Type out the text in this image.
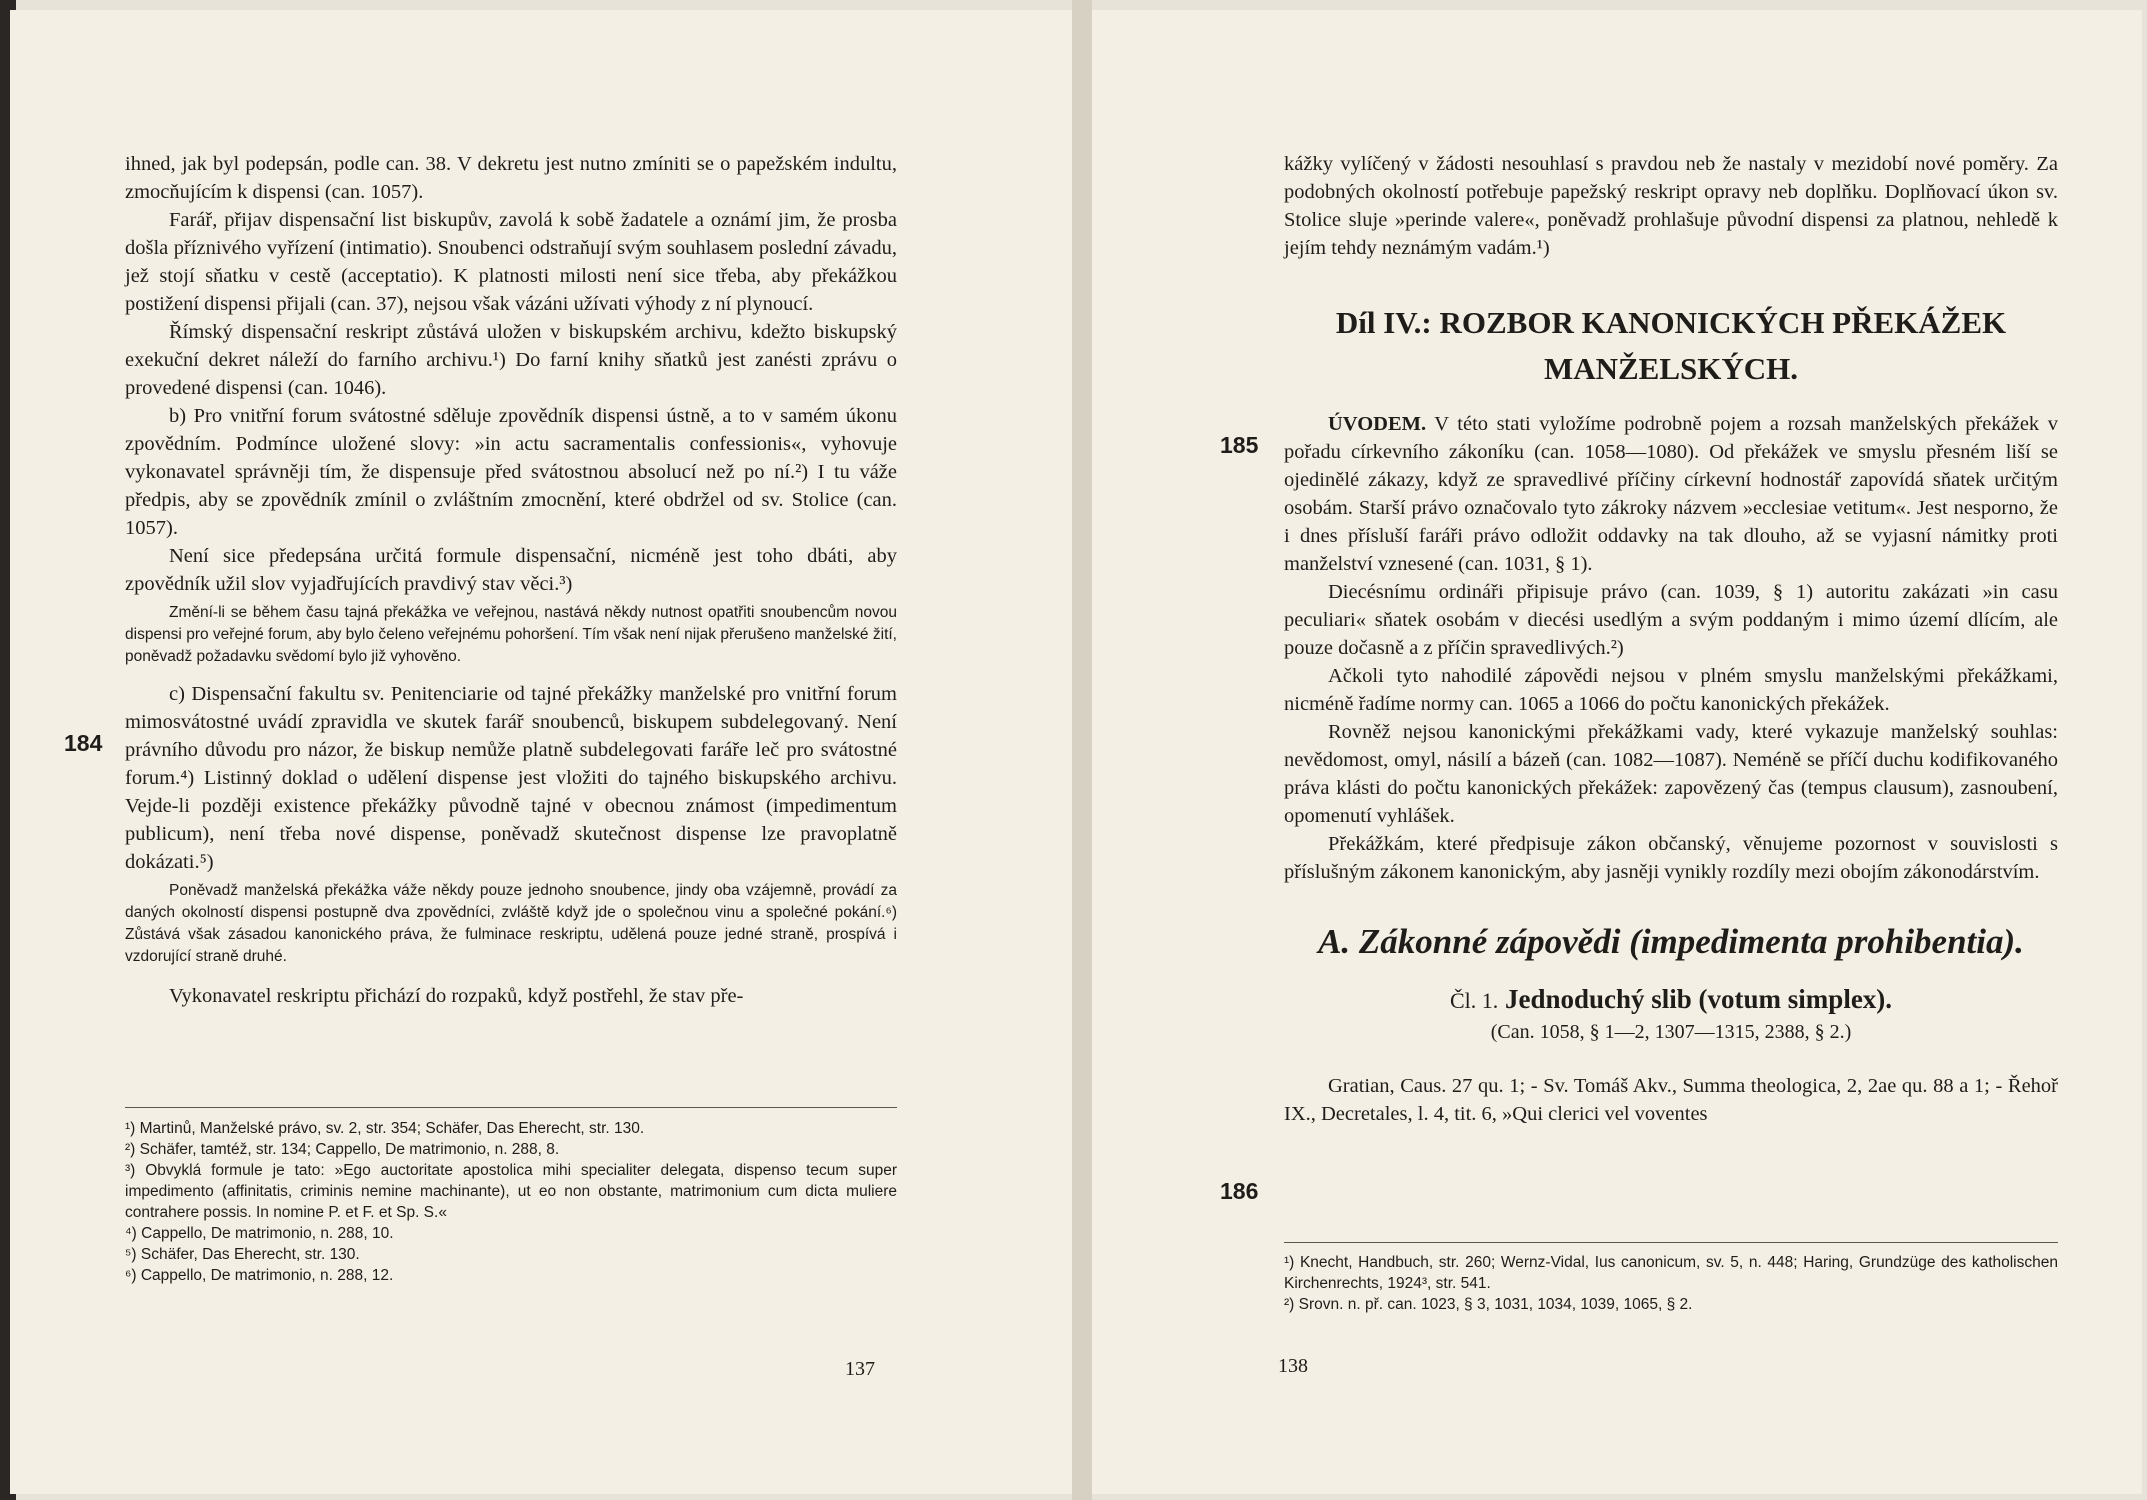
ihned, jak byl podepsán, podle can. 38. V dekretu jest nutno zmíniti se o papežském indultu, zmocňujícím k dispensi (can. 1057).

Farář, přijav dispensační list biskupův, zavolá k sobě žadatele a oznámí jim, že prosba došla příznivého vyřízení (intimatio). Snoubenci odstraňují svým souhlasem poslední závadu, jež stojí sňatku v cestě (acceptatio). K platnosti milosti není sice třeba, aby překážkou postižení dispensi přijali (can. 37), nejsou však vázáni užívati výhody z ní plynoucí.

Římský dispensační reskript zůstává uložen v biskupském archivu, kdežto biskupský exekuční dekret náleží do farního archivu.¹) Do farní knihy sňatků jest zanésti zprávu o provedené dispensi (can. 1046).

b) Pro vnitřní forum svátostné sděluje zpovědník dispensi ústně, a to v samém úkonu zpovědním. Podmínce uložené slovy: »in actu sacramentalis confessionis«, vyhovuje vykonavatel správněji tím, že dispensuje před svátostnou absolucí než po ní.²) I tu váže předpis, aby se zpovědník zmínil o zvláštním zmocnění, které obdržel od sv. Stolice (can. 1057).

Není sice předepsána určitá formule dispensační, nicméně jest toho dbáti, aby zpovědník užil slov vyjadřujících pravdivý stav věci.³)

Změní-li se během času tajná překážka ve veřejnou, nastává někdy nutnost opatřiti snoubencům novou dispensi pro veřejné forum, aby bylo čeleno veřejnému pohoršení. Tím však není nijak přerušeno manželské žití, poněvadž požadavku svědomí bylo již vyhověno.

c) Dispensační fakultu sv. Penitenciarie od tajné překážky manželské pro vnitřní forum mimosvátostné uvádí zpravidla ve skutek farář snoubenců, biskupem subdelegovaný. Není právního důvodu pro názor, že biskup nemůže platně subdelegovati faráře leč pro svátostné forum.⁴) Listinný doklad o udělení dispense jest vložiti do tajného biskupského archivu. Vejde-li později existence překážky původně tajné v obecnou známost (impedimentum publicum), není třeba nové dispense, poněvadž skutečnost dispense lze pravoplatně dokázati.⁵)

Poněvadž manželská překážka váže někdy pouze jednoho snoubence, jindy oba vzájemně, provádí za daných okolností dispensi postupně dva zpovědníci, zvláště když jde o společnou vinu a společné pokání.⁶) Zůstává však zásadou kanonického práva, že fulminace reskriptu, udělená pouze jedné straně, prospívá i vzdorující straně druhé.

Vykonavatel reskriptu přichází do rozpaků, když postřehl, že stav pře-

184
¹) Martinů, Manželské právo, sv. 2, str. 354; Schäfer, Das Eherecht, str. 130.
²) Schäfer, tamtéž, str. 134; Cappello, De matrimonio, n. 288, 8.
³) Obvyklá formule je tato: »Ego auctoritate apostolica mihi specialiter delegata, dispenso tecum super impedimento (affinitatis, criminis nemine machinante), ut eo non obstante, matrimonium cum dicta muliere contrahere possis. In nomine P. et F. et Sp. S.«
⁴) Cappello, De matrimonio, n. 288, 10.
⁵) Schäfer, Das Eherecht, str. 130.
⁶) Cappello, De matrimonio, n. 288, 12.
137

kážky vylíčený v žádosti nesouhlasí s pravdou neb že nastaly v mezidobí nové poměry. Za podobných okolností potřebuje papežský reskript opravy neb doplňku. Doplňovací úkon sv. Stolice sluje »perinde valere«, poněvadž prohlašuje původní dispensi za platnou, nehledě k jejím tehdy neznámým vadám.¹)

Díl IV.: ROZBOR KANONICKÝCH PŘEKÁŽEK
MANŽELSKÝCH.

ÚVODEM. V této stati vyložíme podrobně pojem a rozsah manželských překážek v pořadu církevního zákoníku (can. 1058—1080). Od překážek ve smyslu přesném liší se ojedinělé zákazy, když ze spravedlivé příčiny církevní hodnostář zapovídá sňatek určitým osobám. Starší právo označovalo tyto zákroky názvem »ecclesiae vetitum«. Jest nesporno, že i dnes přísluší faráři právo odložit oddavky na tak dlouho, až se vyjasní námitky proti manželství vznesené (can. 1031, § 1).

Diecésnímu ordináři připisuje právo (can. 1039, § 1) autoritu zakázati »in casu peculiari« sňatek osobám v diecési usedlým a svým poddaným i mimo území dlícím, ale pouze dočasně a z příčin spravedlivých.²)

Ačkoli tyto nahodilé zápovědi nejsou v plném smyslu manželskými překážkami, nicméně řadíme normy can. 1065 a 1066 do počtu kanonických překážek.

Rovněž nejsou kanonickými překážkami vady, které vykazuje manželský souhlas: nevědomost, omyl, násilí a bázeň (can. 1082—1087). Neméně se příčí duchu kodifikovaného práva klásti do počtu kanonických překážek: zapovězený čas (tempus clausum), zasnoubení, opomenutí vyhlášek.

Překážkám, které předpisuje zákon občanský, věnujeme pozornost v souvislosti s příslušným zákonem kanonickým, aby jasněji vynikly rozdíly mezi obojím zákonodárstvím.

A. Zákonné zápovědi (impedimenta prohibentia).
Čl. 1. Jednoduchý slib (votum simplex).
(Can. 1058, § 1—2, 1307—1315, 2388, § 2.)

Gratian, Caus. 27 qu. 1; - Sv. Tomáš Akv., Summa theologica, 2, 2ae qu. 88 a 1; - Řehoř IX., Decretales, l. 4, tit. 6, »Qui clerici vel voventes

185
186
¹) Knecht, Handbuch, str. 260; Wernz-Vidal, Ius canonicum, sv. 5, n. 448; Haring, Grundzüge des katholischen Kirchenrechts, 1924³, str. 541.
²) Srovn. n. př. can. 1023, § 3, 1031, 1034, 1039, 1065, § 2.
138
